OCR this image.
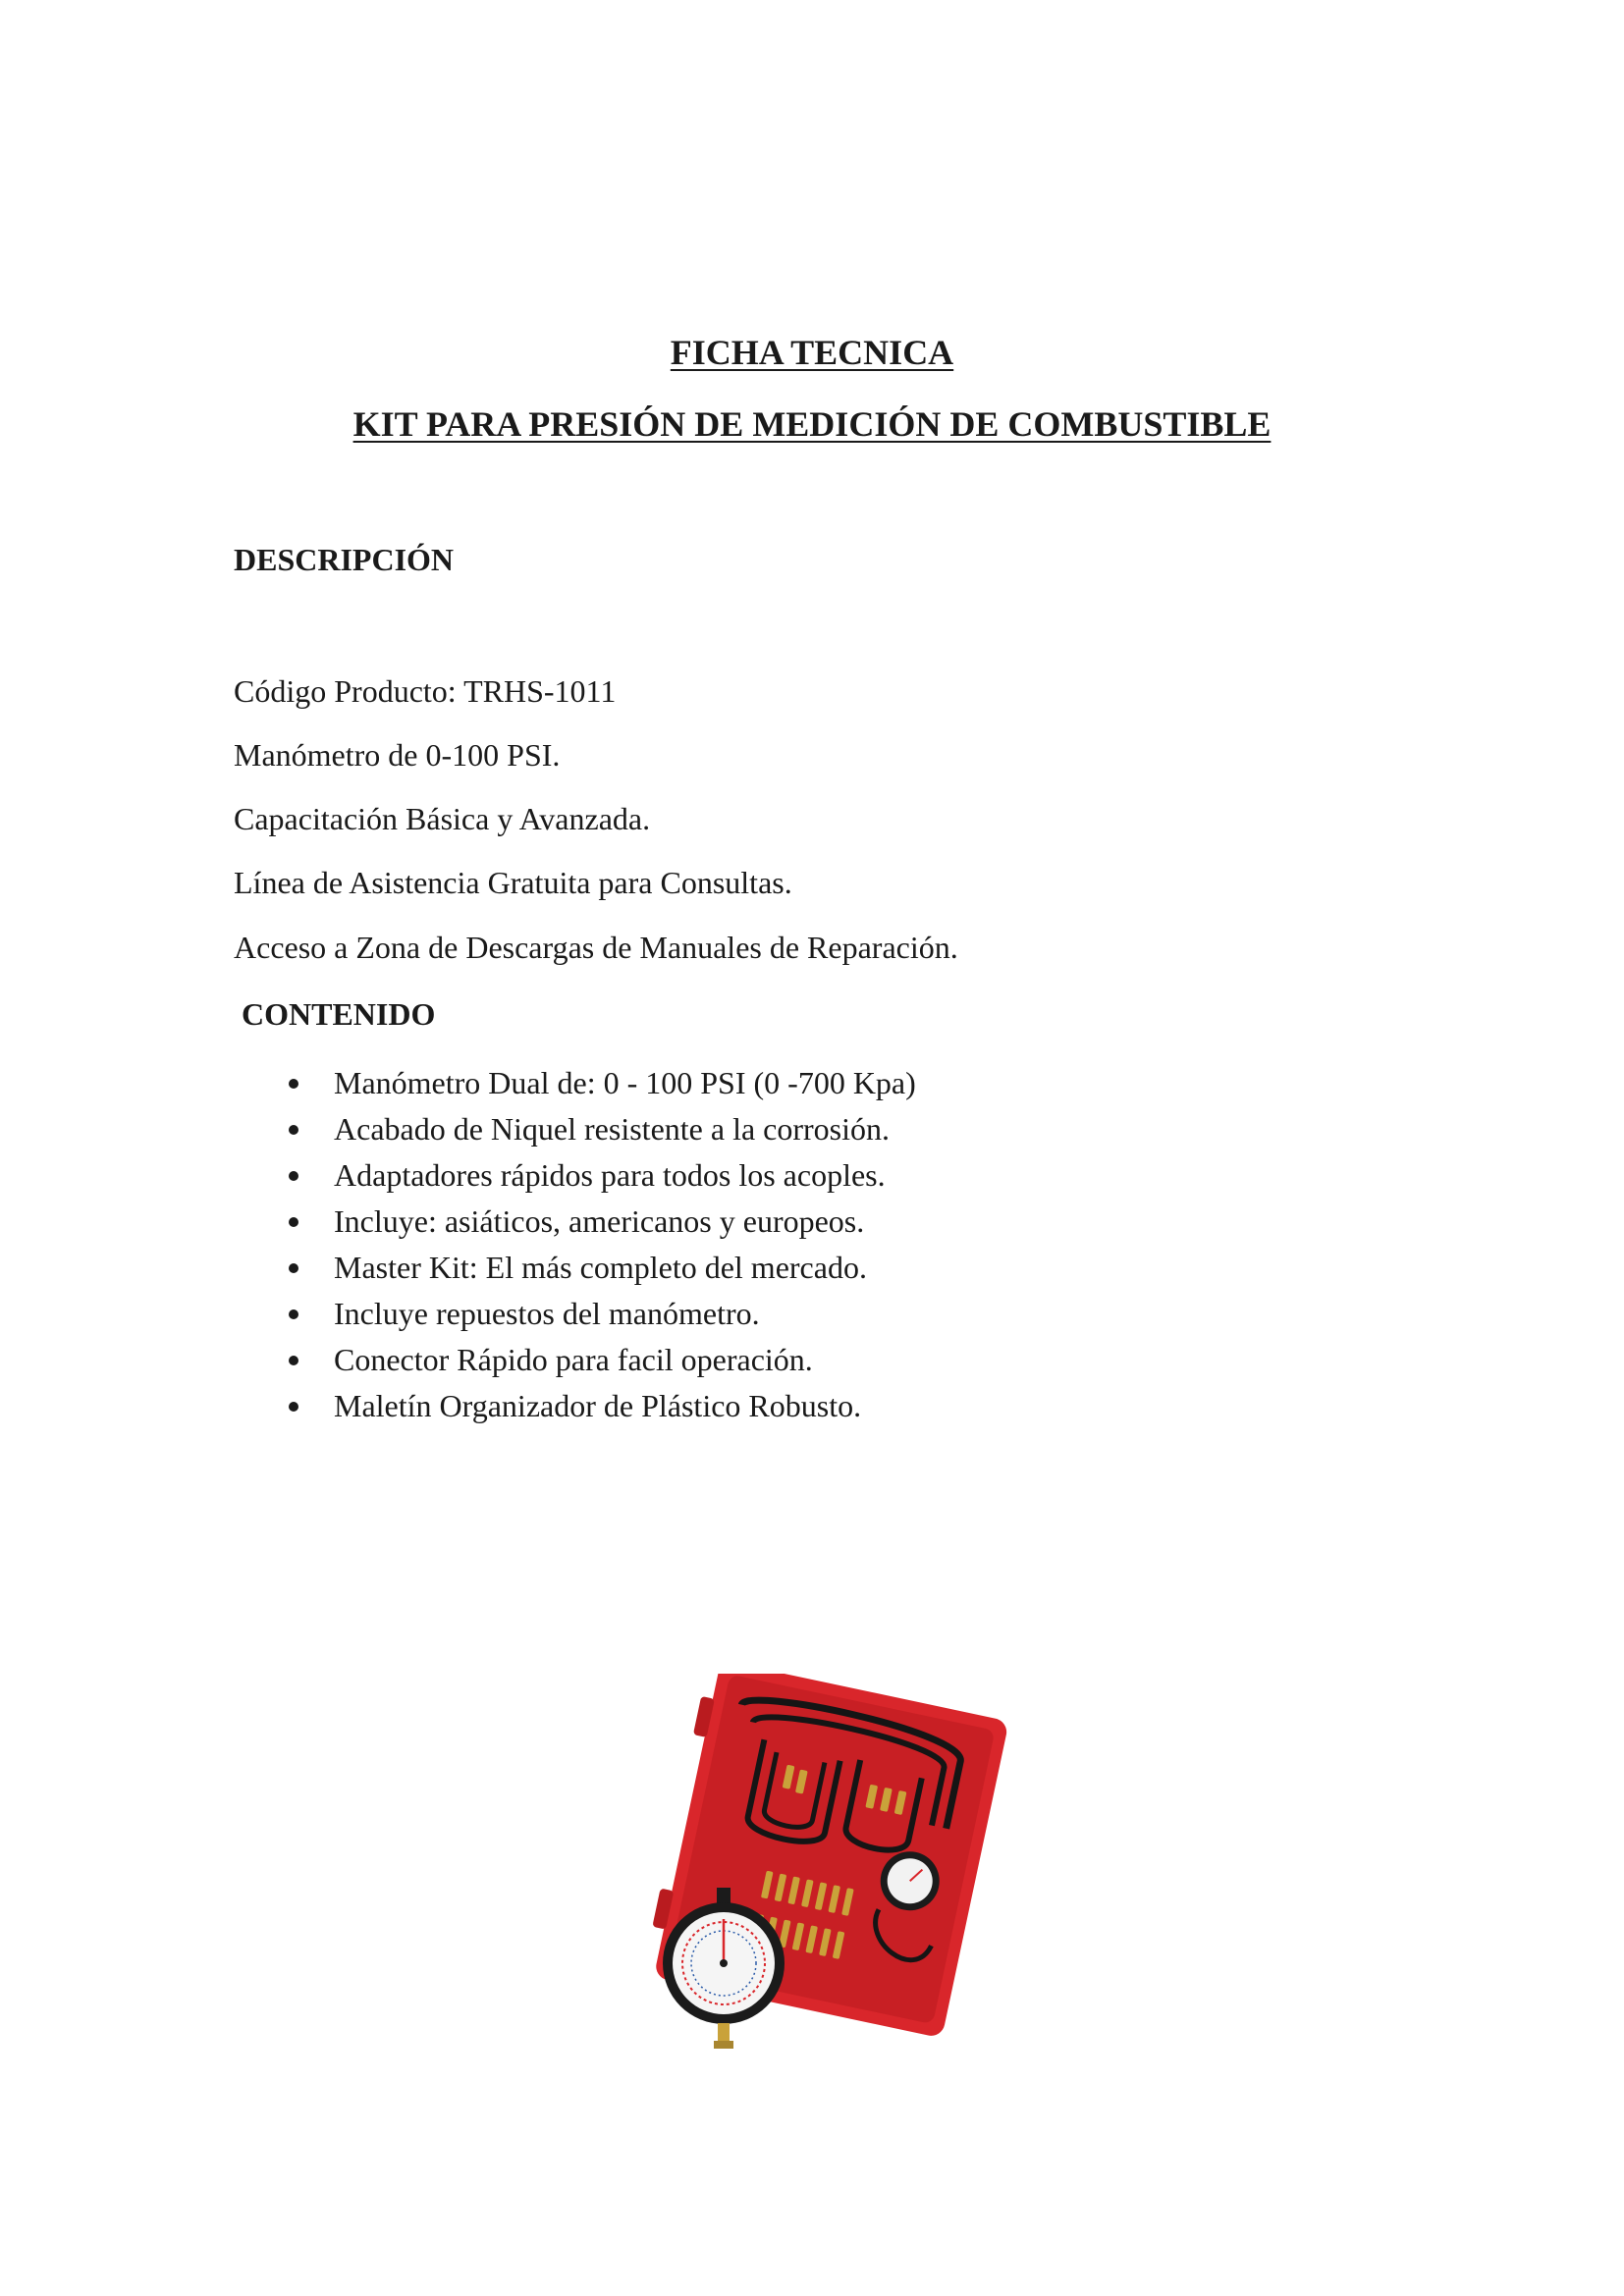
FICHA TECNICA
KIT PARA PRESIÓN DE MEDICIÓN DE COMBUSTIBLE
DESCRIPCIÓN

Código Producto: TRHS-1011

Manómetro de 0-100 PSI.

Capacitación Básica y Avanzada.

Línea de Asistencia Gratuita para Consultas.

Acceso a Zona de Descargas de Manuales de Reparación.

CONTENIDO
Manómetro Dual de: 0 - 100 PSI (0 -700 Kpa)
Acabado de Niquel resistente a la corrosión.
Adaptadores rápidos para todos los acoples.
Incluye: asiáticos, americanos y europeos.
Master Kit: El más completo del mercado.
Incluye repuestos del manómetro.
Conector Rápido para facil operación.
Maletín Organizador de Plástico Robusto.
